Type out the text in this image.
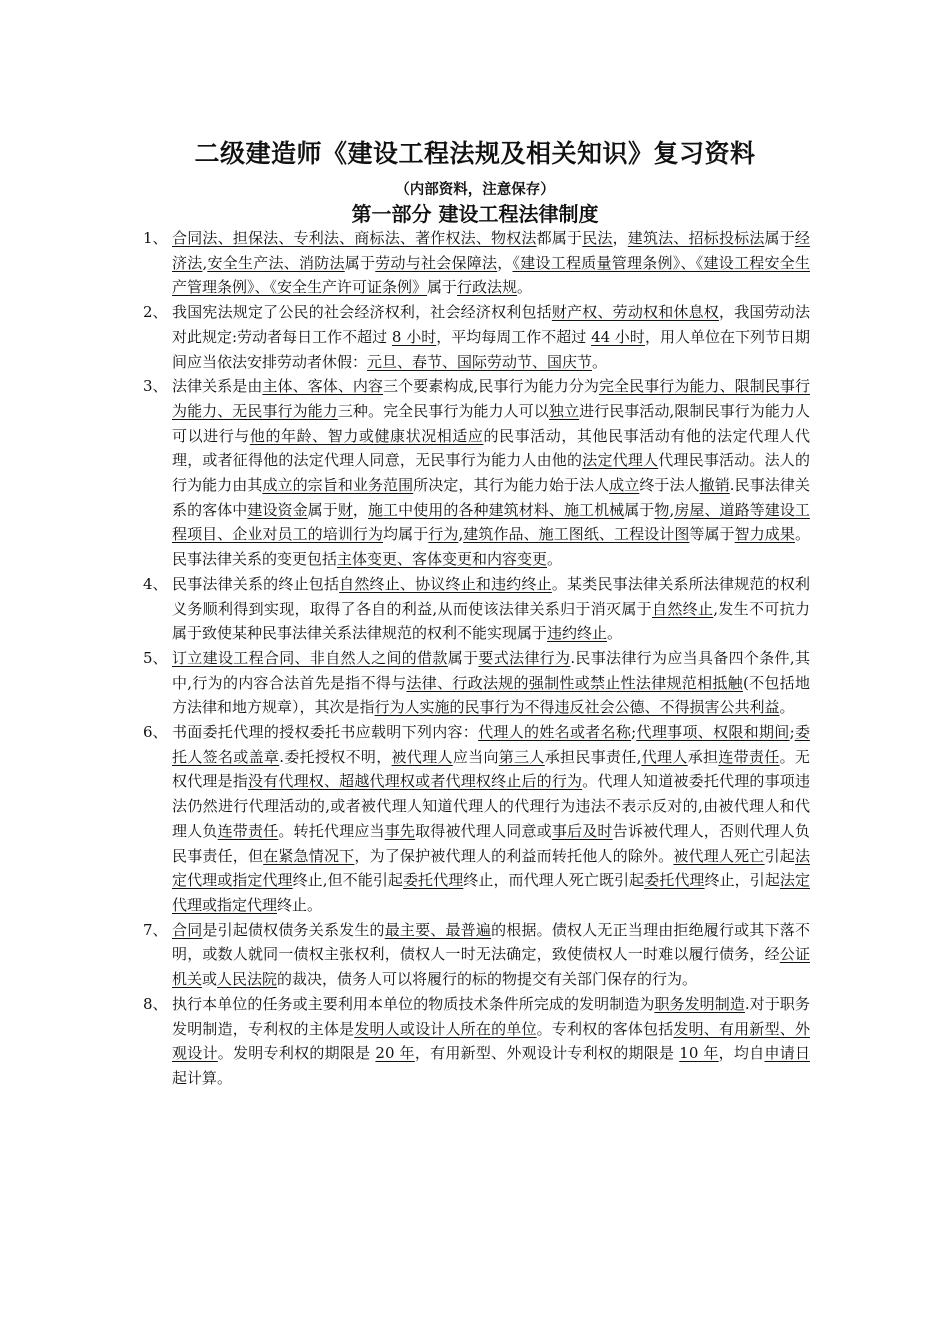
二级建造师《建设工程法规及相关知识》复习资料
（内部资料，注意保存）
第一部分 建设工程法律制度
1、 合同法、担保法、专利法、商标法、著作权法、物权法都属于民法，建筑法、招标投标法属于经济法,安全生产法、消防法属于劳动与社会保障法，《建设工程质量管理条例》、《建设工程安全生产管理条例》、《安全生产许可证条例》属于行政法规。
2、 我国宪法规定了公民的社会经济权利，社会经济权利包括财产权、劳动权和休息权，我国劳动法对此规定:劳动者每日工作不超过 8 小时，平均每周工作不超过 44 小时，用人单位在下列节日期间应当依法安排劳动者休假：元旦、春节、国际劳动节、国庆节。
3、 法律关系是由主体、客体、内容三个要素构成,民事行为能力分为完全民事行为能力、限制民事行为能力、无民事行为能力三种。完全民事行为能力人可以独立进行民事活动,限制民事行为能力人可以进行与他的年龄、智力或健康状况相适应的民事活动，其他民事活动有他的法定代理人代理，或者征得他的法定代理人同意，无民事行为能力人由他的法定代理人代理民事活动。法人的行为能力由其成立的宗旨和业务范围所决定，其行为能力始于法人成立终于法人撤销.民事法律关系的客体中建设资金属于财，施工中使用的各种建筑材料、施工机械属于物,房屋、道路等建设工程项目、企业对员工的培训行为均属于行为,建筑作品、施工图纸、工程设计图等属于智力成果。民事法律关系的变更包括主体变更、客体变更和内容变更。
4、 民事法律关系的终止包括自然终止、协议终止和违约终止。某类民事法律关系所法律规范的权利义务顺利得到实现，取得了各自的利益,从而使该法律关系归于消灭属于自然终止,发生不可抗力属于致使某种民事法律关系法律规范的权利不能实现属于违约终止。
5、 订立建设工程合同、非自然人之间的借款属于要式法律行为.民事法律行为应当具备四个条件,其中,行为的内容合法首先是指不得与法律、行政法规的强制性或禁止性法律规范相抵触(不包括地方法律和地方规章），其次是指行为人实施的民事行为不得违反社会公德、不得损害公共利益。
6、 书面委托代理的授权委托书应载明下列内容：代理人的姓名或者名称;代理事项、权限和期间;委托人签名或盖章.委托授权不明，被代理人应当向第三人承担民事责任,代理人承担连带责任。无权代理是指没有代理权、超越代理权或者代理权终止后的行为。代理人知道被委托代理的事项违法仍然进行代理活动的,或者被代理人知道代理人的代理行为违法不表示反对的,由被代理人和代理人负连带责任。转托代理应当事先取得被代理人同意或事后及时告诉被代理人，否则代理人负民事责任，但在紧急情况下，为了保护被代理人的利益而转托他人的除外。被代理人死亡引起法定代理或指定代理终止,但不能引起委托代理终止，而代理人死亡既引起委托代理终止，引起法定代理或指定代理终止。
7、 合同是引起债权债务关系发生的最主要、最普遍的根据。债权人无正当理由拒绝履行或其下落不明，或数人就同一债权主张权利，债权人一时无法确定，致使债权人一时难以履行债务，经公证机关或人民法院的裁决，债务人可以将履行的标的物提交有关部门保存的行为。
8、 执行本单位的任务或主要利用本单位的物质技术条件所完成的发明制造为职务发明制造.对于职务发明制造，专利权的主体是发明人或设计人所在的单位。专利权的客体包括发明、有用新型、外观设计。发明专利权的期限是 20 年，有用新型、外观设计专利权的期限是 10 年，均自申请日起计算。
